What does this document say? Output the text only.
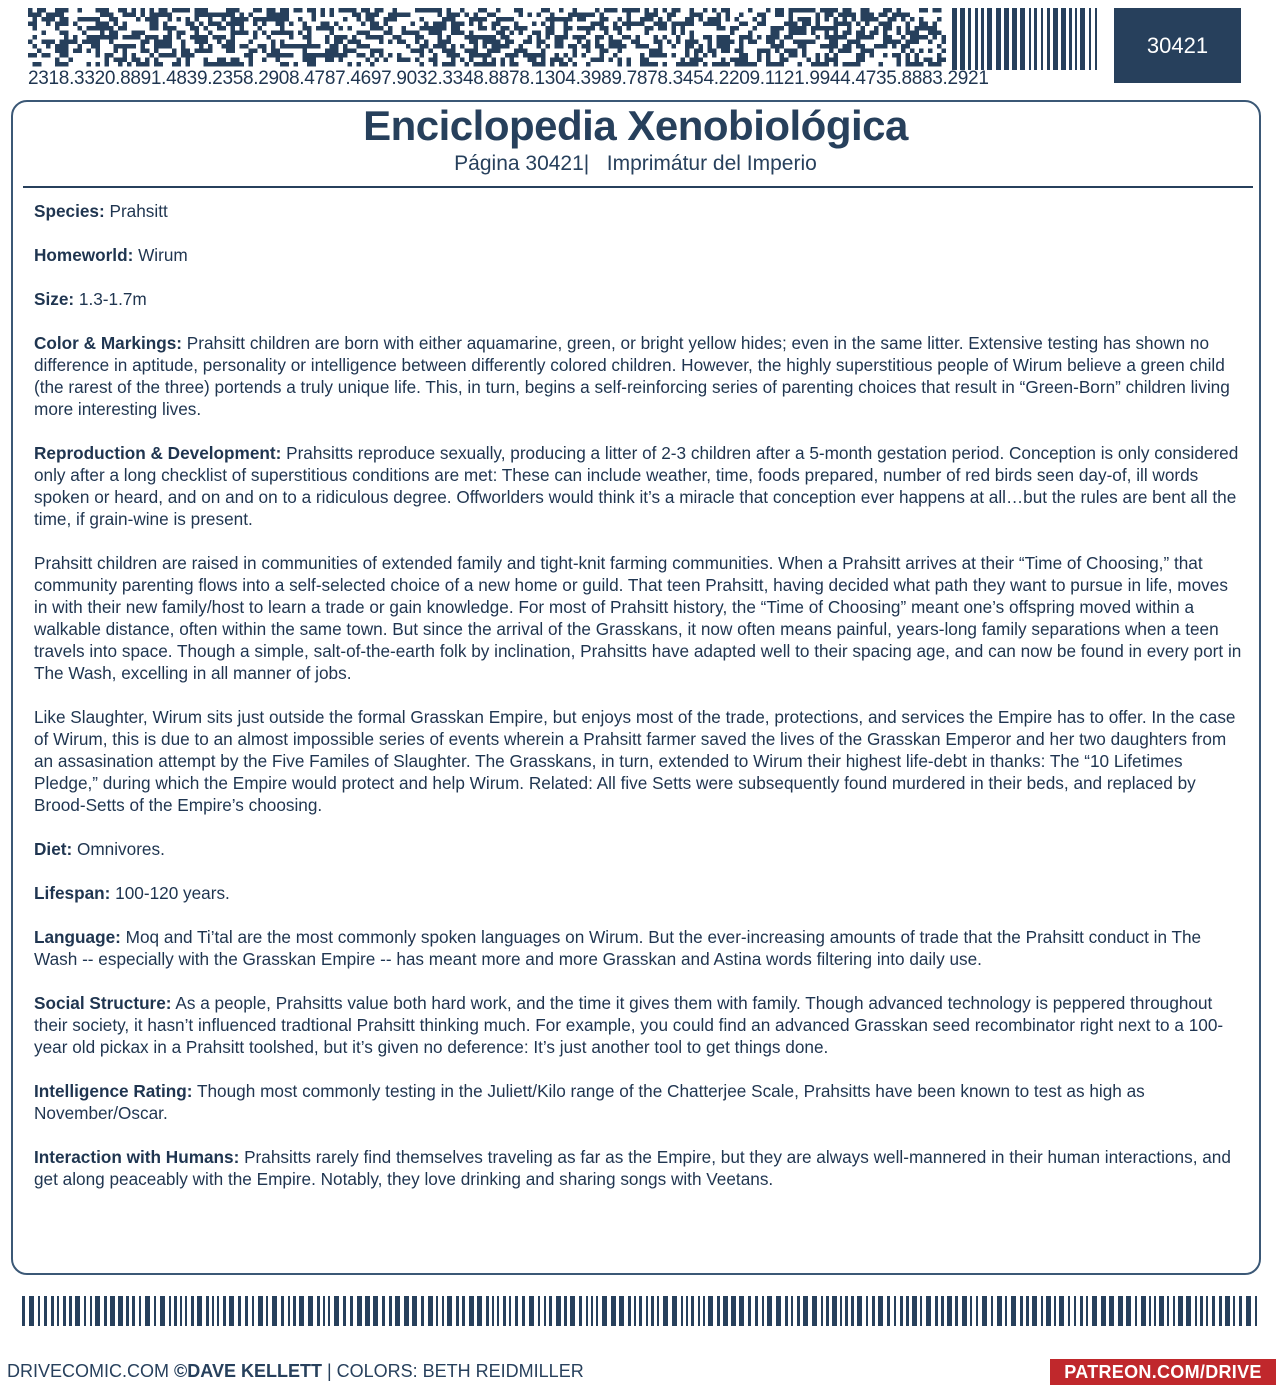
2318.3320.8891.4839.2358.2908.4787.4697.9032.3348.8878.1304.3989.7878.3454.2209.1121.9944.4735.8883.2921
30421
Enciclopedia Xenobiológica
Página 30421|   Imprimátur del Imperio

Species: Prahsitt

Homeworld: Wirum

Size: 1.3-1.7m

Color & Markings: Prahsitt children are born with either aquamarine, green, or bright yellow hides; even in the same litter. Extensive testing has shown no difference in aptitude, personality or intelligence between differently colored children. However, the highly superstitious people of Wirum believe a green child (the rarest of the three) portends a truly unique life. This, in turn, begins a self-reinforcing series of parenting choices that result in “Green-Born” children living more interesting lives.

Reproduction & Development: Prahsitts reproduce sexually, producing a litter of 2-3 children after a 5-month gestation period. Conception is only considered only after a long checklist of superstitious conditions are met: These can include weather, time, foods prepared, number of red birds seen day-of, ill words spoken or heard, and on and on to a ridiculous degree. Offworlders would think it’s a miracle that conception ever happens at all…but the rules are bent all the time, if grain-wine is present.

Prahsitt children are raised in communities of extended family and tight-knit farming communities. When a Prahsitt arrives at their “Time of Choosing,” that community parenting flows into a self-selected choice of a new home or guild. That teen Prahsitt, having decided what path they want to pursue in life, moves in with their new family/host to learn a trade or gain knowledge. For most of Prahsitt history, the “Time of Choosing” meant one’s offspring moved within a walkable distance, often within the same town. But since the arrival of the Grasskans, it now often means painful, years-long family separations when a teen travels into space. Though a simple, salt-of-the-earth folk by inclination, Prahsitts have adapted well to their spacing age, and can now be found in every port in The Wash, excelling in all manner of jobs.

Like Slaughter, Wirum sits just outside the formal Grasskan Empire, but enjoys most of the trade, protections, and services the Empire has to offer. In the case of Wirum, this is due to an almost impossible series of events wherein a Prahsitt farmer saved the lives of the Grasskan Emperor and her two daughters from an assasination attempt by the Five Familes of Slaughter. The Grasskans, in turn, extended to Wirum their highest life-debt in thanks: The “10 Lifetimes Pledge,” during which the Empire would protect and help Wirum. Related: All five Setts were subsequently found murdered in their beds, and replaced by Brood-Setts of the Empire’s choosing.

Diet: Omnivores.

Lifespan: 100-120 years.

Language: Moq and Ti’tal are the most commonly spoken languages on Wirum. But the ever-increasing amounts of trade that the Prahsitt conduct in The Wash -- especially with the Grasskan Empire -- has meant more and more Grasskan and Astina words filtering into daily use.

Social Structure: As a people, Prahsitts value both hard work, and the time it gives them with family. Though advanced technology is peppered throughout their society, it hasn’t influenced tradtional Prahsitt thinking much. For example, you could find an advanced Grasskan seed recombinator right next to a 100-year old pickax in a Prahsitt toolshed, but it’s given no deference: It’s just another tool to get things done.

Intelligence Rating: Though most commonly testing in the Juliett/Kilo range of the Chatterjee Scale, Prahsitts have been known to test as high as November/Oscar.

Interaction with Humans: Prahsitts rarely find themselves traveling as far as the Empire, but they are always well-mannered in their human interactions, and get along peaceably with the Empire. Notably, they love drinking and sharing songs with Veetans.

DRIVECOMIC.COM ©DAVE KELLETT | COLORS: BETH REIDMILLER	PATREON.COM/DRIVE
